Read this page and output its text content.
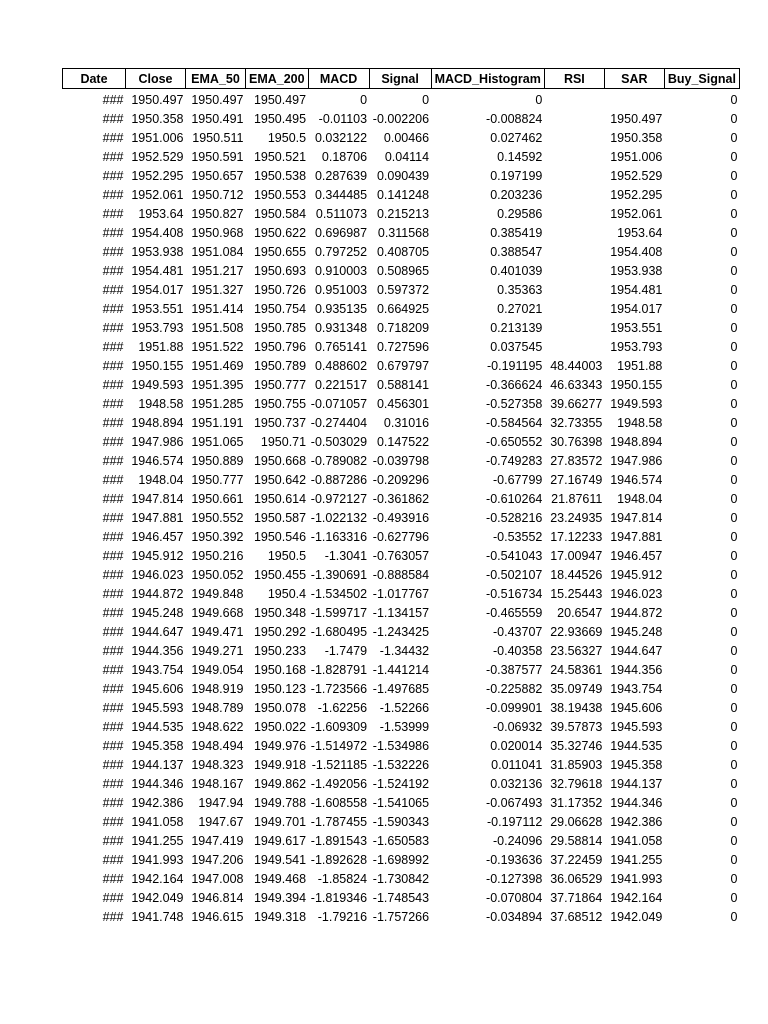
Date	Close	EMA_50	EMA_200	MACD	Signal	MACD_Histogram	RSI	SAR	Buy_Signal
###	1950.497	1950.497	1950.497	0	0	0			0
###	1950.358	1950.491	1950.495	-0.01103	-0.002206	-0.008824		1950.497	0
###	1951.006	1950.511	1950.5	0.032122	0.00466	0.027462		1950.358	0
###	1952.529	1950.591	1950.521	0.18706	0.04114	0.14592		1951.006	0
###	1952.295	1950.657	1950.538	0.287639	0.090439	0.197199		1952.529	0
###	1952.061	1950.712	1950.553	0.344485	0.141248	0.203236		1952.295	0
###	1953.64	1950.827	1950.584	0.511073	0.215213	0.29586		1952.061	0
###	1954.408	1950.968	1950.622	0.696987	0.311568	0.385419		1953.64	0
###	1953.938	1951.084	1950.655	0.797252	0.408705	0.388547		1954.408	0
###	1954.481	1951.217	1950.693	0.910003	0.508965	0.401039		1953.938	0
###	1954.017	1951.327	1950.726	0.951003	0.597372	0.35363		1954.481	0
###	1953.551	1951.414	1950.754	0.935135	0.664925	0.27021		1954.017	0
###	1953.793	1951.508	1950.785	0.931348	0.718209	0.213139		1953.551	0
###	1951.88	1951.522	1950.796	0.765141	0.727596	0.037545		1953.793	0
###	1950.155	1951.469	1950.789	0.488602	0.679797	-0.191195	48.44003	1951.88	0
###	1949.593	1951.395	1950.777	0.221517	0.588141	-0.366624	46.63343	1950.155	0
###	1948.58	1951.285	1950.755	-0.071057	0.456301	-0.527358	39.66277	1949.593	0
###	1948.894	1951.191	1950.737	-0.274404	0.31016	-0.584564	32.73355	1948.58	0
###	1947.986	1951.065	1950.71	-0.503029	0.147522	-0.650552	30.76398	1948.894	0
###	1946.574	1950.889	1950.668	-0.789082	-0.039798	-0.749283	27.83572	1947.986	0
###	1948.04	1950.777	1950.642	-0.887286	-0.209296	-0.67799	27.16749	1946.574	0
###	1947.814	1950.661	1950.614	-0.972127	-0.361862	-0.610264	21.87611	1948.04	0
###	1947.881	1950.552	1950.587	-1.022132	-0.493916	-0.528216	23.24935	1947.814	0
###	1946.457	1950.392	1950.546	-1.163316	-0.627796	-0.53552	17.12233	1947.881	0
###	1945.912	1950.216	1950.5	-1.3041	-0.763057	-0.541043	17.00947	1946.457	0
###	1946.023	1950.052	1950.455	-1.390691	-0.888584	-0.502107	18.44526	1945.912	0
###	1944.872	1949.848	1950.4	-1.534502	-1.017767	-0.516734	15.25443	1946.023	0
###	1945.248	1949.668	1950.348	-1.599717	-1.134157	-0.465559	20.6547	1944.872	0
###	1944.647	1949.471	1950.292	-1.680495	-1.243425	-0.43707	22.93669	1945.248	0
###	1944.356	1949.271	1950.233	-1.7479	-1.34432	-0.40358	23.56327	1944.647	0
###	1943.754	1949.054	1950.168	-1.828791	-1.441214	-0.387577	24.58361	1944.356	0
###	1945.606	1948.919	1950.123	-1.723566	-1.497685	-0.225882	35.09749	1943.754	0
###	1945.593	1948.789	1950.078	-1.62256	-1.52266	-0.099901	38.19438	1945.606	0
###	1944.535	1948.622	1950.022	-1.609309	-1.53999	-0.06932	39.57873	1945.593	0
###	1945.358	1948.494	1949.976	-1.514972	-1.534986	0.020014	35.32746	1944.535	0
###	1944.137	1948.323	1949.918	-1.521185	-1.532226	0.011041	31.85903	1945.358	0
###	1944.346	1948.167	1949.862	-1.492056	-1.524192	0.032136	32.79618	1944.137	0
###	1942.386	1947.94	1949.788	-1.608558	-1.541065	-0.067493	31.17352	1944.346	0
###	1941.058	1947.67	1949.701	-1.787455	-1.590343	-0.197112	29.06628	1942.386	0
###	1941.255	1947.419	1949.617	-1.891543	-1.650583	-0.24096	29.58814	1941.058	0
###	1941.993	1947.206	1949.541	-1.892628	-1.698992	-0.193636	37.22459	1941.255	0
###	1942.164	1947.008	1949.468	-1.85824	-1.730842	-0.127398	36.06529	1941.993	0
###	1942.049	1946.814	1949.394	-1.819346	-1.748543	-0.070804	37.71864	1942.164	0
###	1941.748	1946.615	1949.318	-1.79216	-1.757266	-0.034894	37.68512	1942.049	0
